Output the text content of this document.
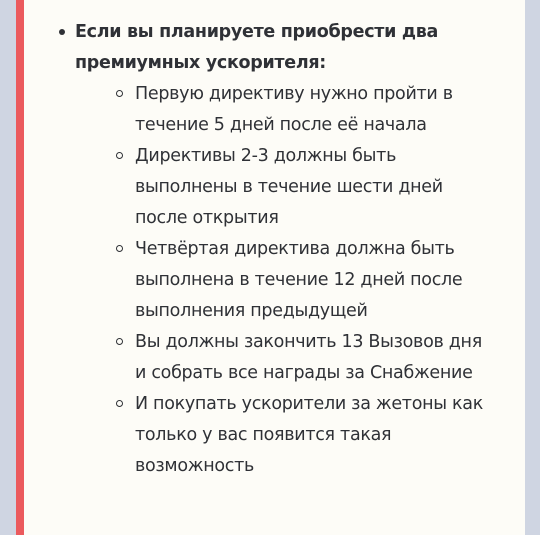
Если вы планируете приобрести два премиумных ускорителя:
Первую директиву нужно пройти в течение 5 дней после её начала
Директивы 2-3 должны быть выполнены в течение шести дней после открытия
Четвёртая директива должна быть выполнена в течение 12 дней после выполнения предыдущей
Вы должны закончить 13 Вызовов дня и собрать все награды за Снабжение
И покупать ускорители за жетоны как только у вас появится такая возможность
